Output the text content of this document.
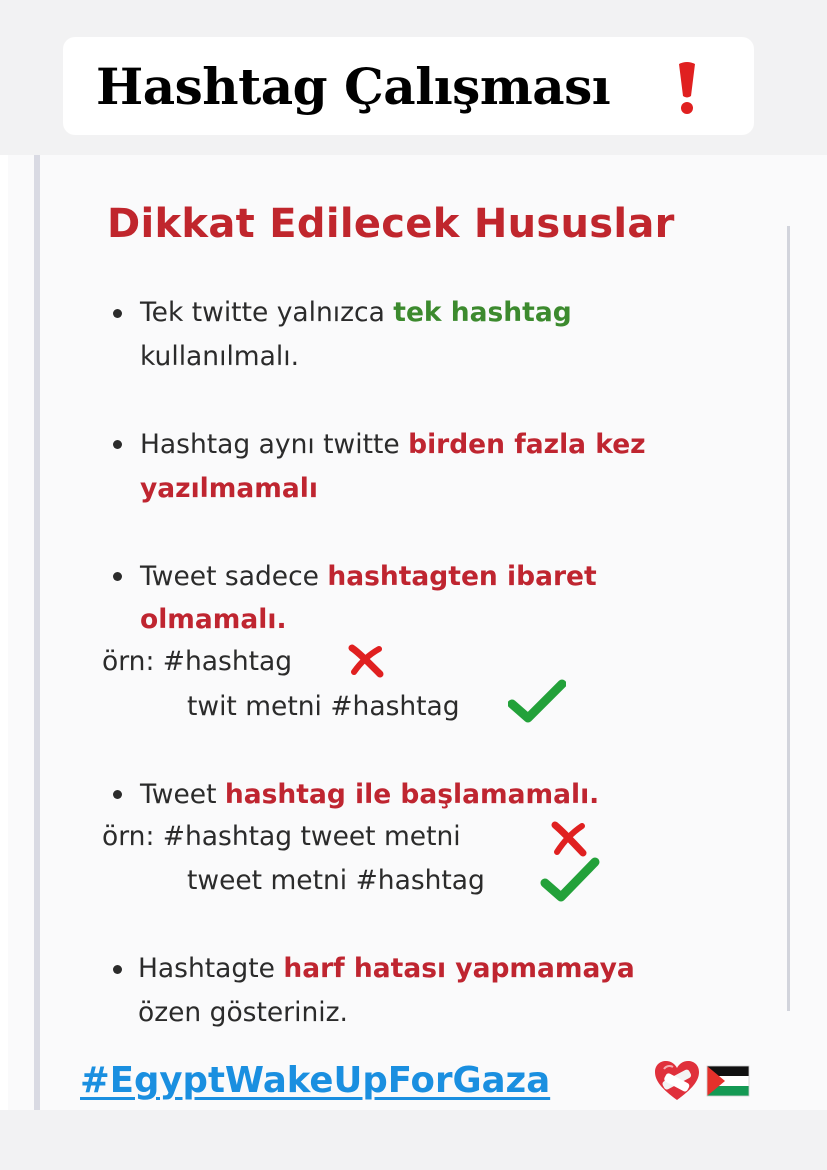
Hashtag Çalışması
Dikkat Edilecek Hususlar
Tek twitte yalnızca tek hashtag
kullanılmalı.
Hashtag aynı twitte birden fazla kez
yazılmamalı
Tweet sadece hashtagten ibaret
olmamalı.
örn: #hashtag
twit metni #hashtag
Tweet hashtag ile başlamamalı.
örn: #hashtag tweet metni
tweet metni #hashtag
Hashtagte harf hatası yapmamaya
özen gösteriniz.
#EgyptWakeUpForGaza
